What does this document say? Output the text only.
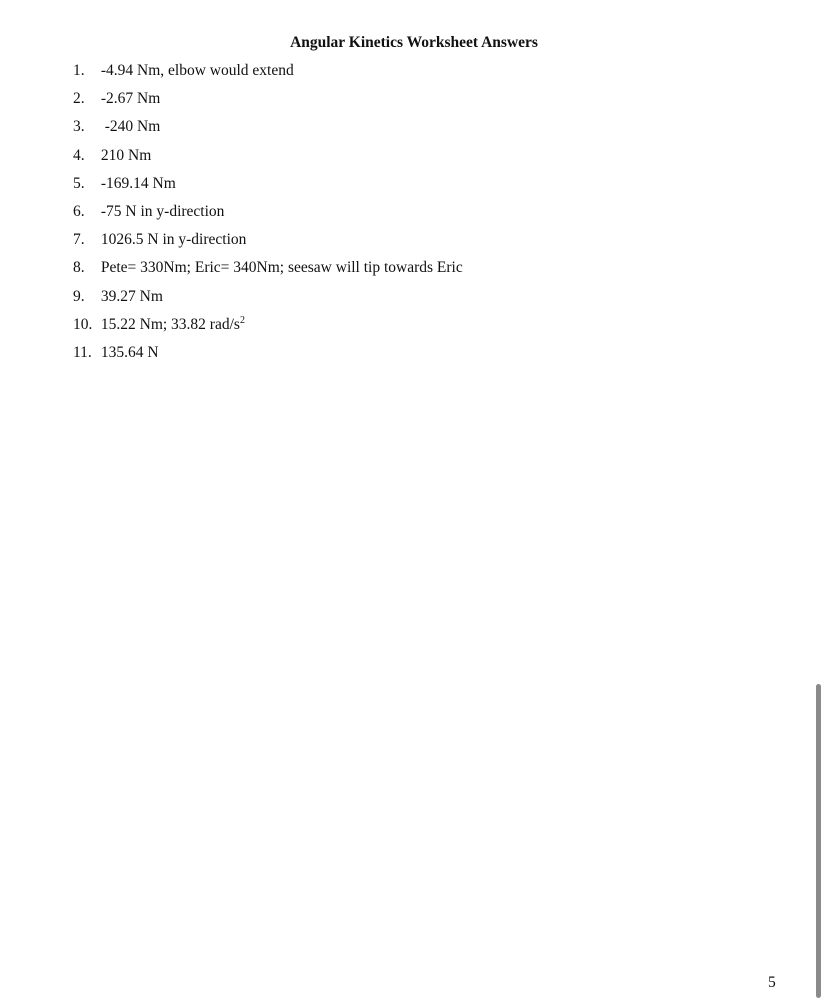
Angular Kinetics Worksheet Answers
1. -4.94 Nm, elbow would extend
2. -2.67 Nm
3.  -240 Nm
4. 210 Nm
5. -169.14 Nm
6. -75 N in y-direction
7. 1026.5 N in y-direction
8. Pete= 330Nm; Eric= 340Nm; seesaw will tip towards Eric
9. 39.27 Nm
10. 15.22 Nm; 33.82 rad/$s^2$
11. 135.64 N
5
